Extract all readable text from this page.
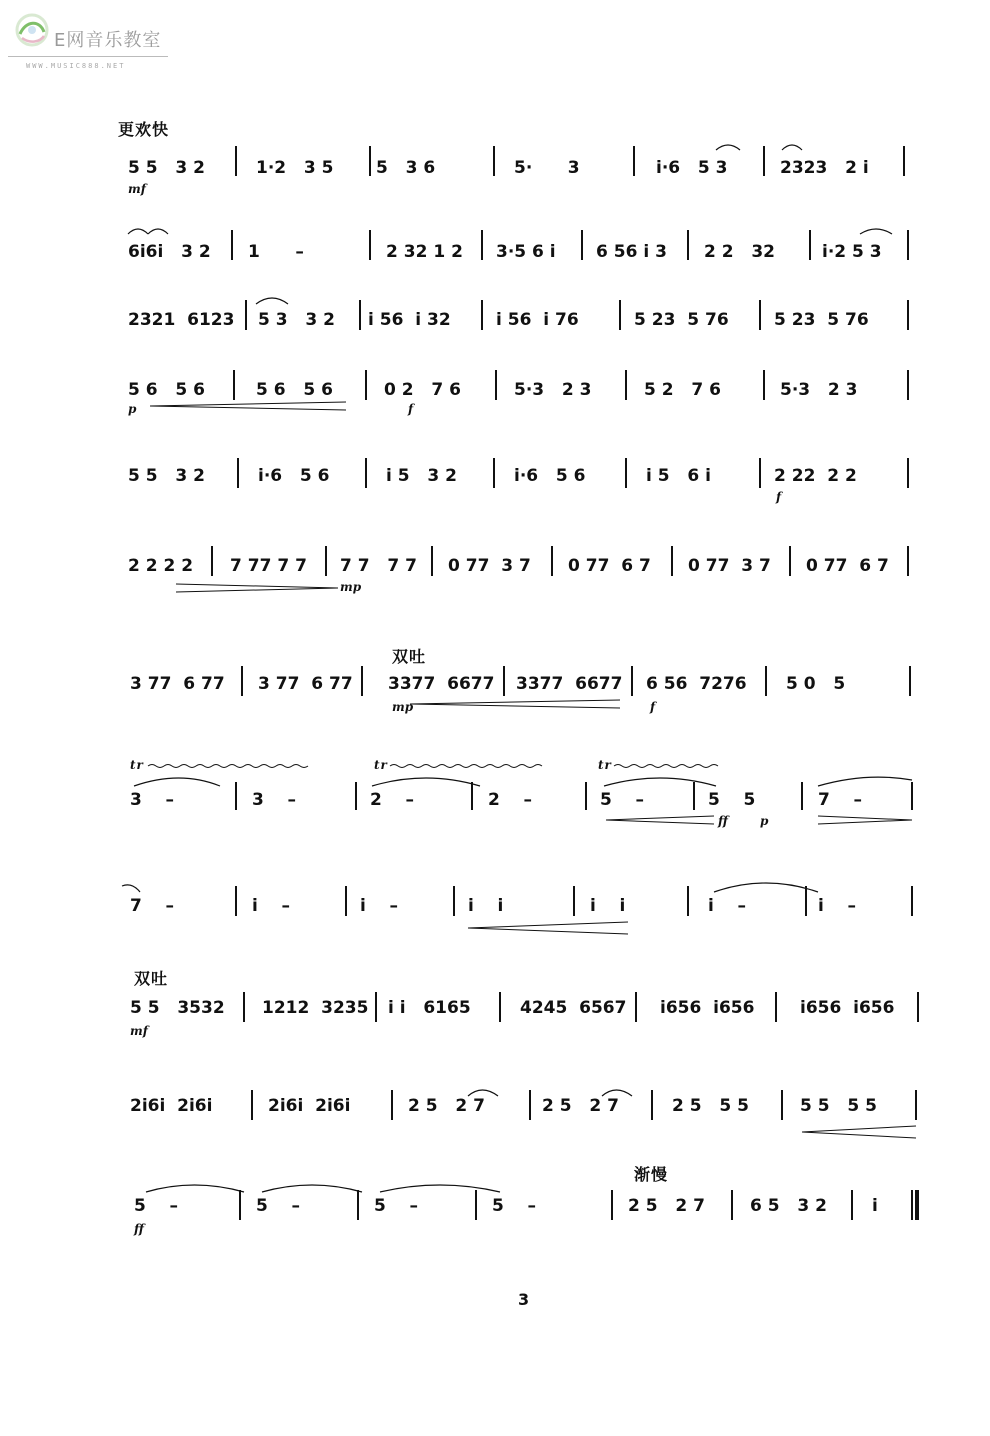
E网音乐教室
WWW.MUSIC888.NET
更欢快
双吐
双吐
渐慢
5 5   3 2	1·2   3 5	5   3 6	5·      3	i·6   5 3	2323   2 i
mf
6i6i   3 2 1      –	2 32 1 2 3·5 6 i 6 56 i 3 2 2   32	i·2 5 3
2321  6123 5 3   3 2 i 56  i 32	i 56  i 76	5 23  5 76	5 23  5 76
5 6   5 6	5 6   5 6	0 2   7 6	5·3   2 3	5 2   7 6	5·3   2 3
p	f
5 5   3 2	i·6   5 6	i 5   3 2	i·6   5 6	i 5   6 i	2 22  2 2
f
2 2 2 2 7 77 7 7 7 7   7 7 0 77  3 7 0 77  6 7 0 77  3 7 0 77  6 7
mp
3 77  6 77 3 77  6 77 3377  6677 3377  6677 6 56  7276 5 0   5
mp	f
tr	tr	tr
3    –	3    –	2    –	2    –	5    –	5    5	7    –
ff	p
7    –	i    –	i    –	i    i	i    i	i    –	i    –
5 5   3532 1212  3235 i i   6165	4245  6567 i656  i656	i656  i656
mf
2i6i  2i6i	2i6i  2i6i	2 5   2 7	2 5   2 7	2 5   5 5	5 5   5 5
5    –	5    –	5    –	5    –	2 5   2 7	6 5   3 2	i
ff
3
